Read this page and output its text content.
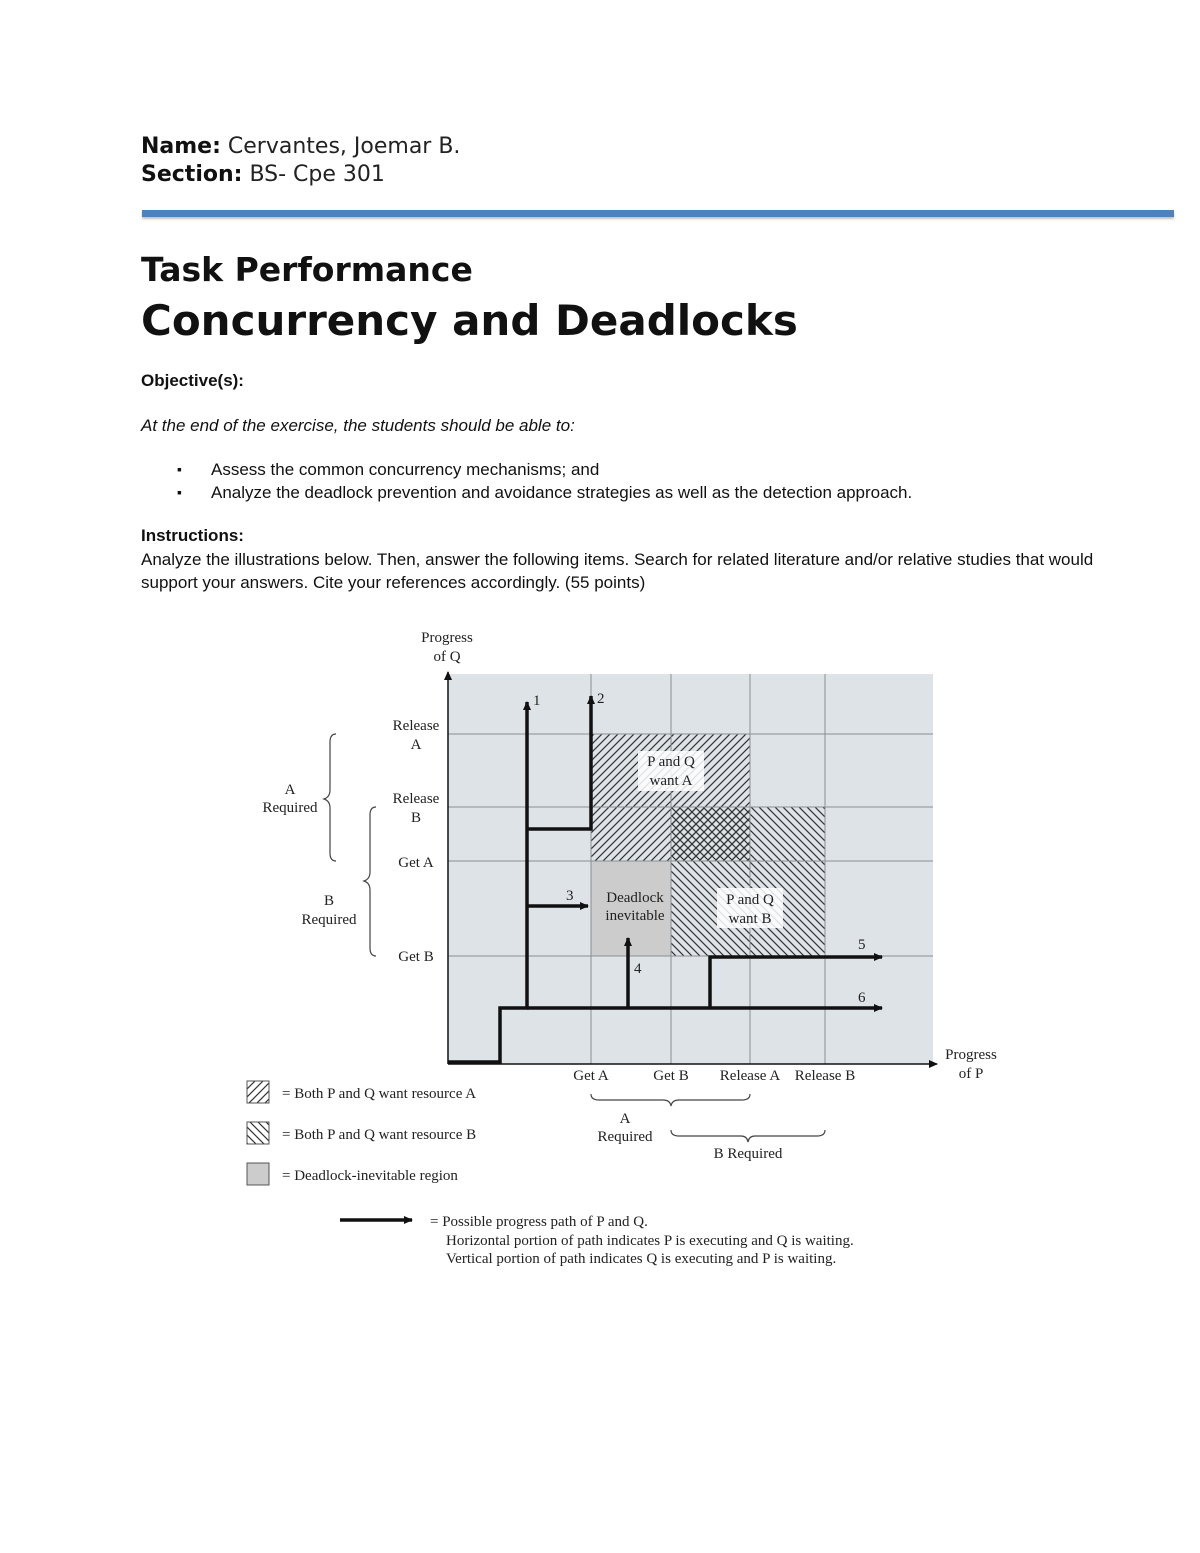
Name: Cervantes, Joemar B.
Section: BS- Cpe 301
Task Performance
Concurrency and Deadlocks
Objective(s):
At the end of the exercise, the students should be able to:
▪ Assess the common concurrency mechanisms; and
▪ Analyze the deadlock prevention and avoidance strategies as well as the detection approach.
Instructions:
Analyze the illustrations below. Then, answer the following items. Search for related literature and/or relative studies that would support your answers. Cite your references accordingly. (55 points)
1	2
3
4
5
6
P and Q
want A
Deadlock
inevitable
P and Q
want B
Progress
of Q
Release
A
Release
B
Get A
Get B
A
Required
B
Required
Get A	Get B Release A Release B
Progress
of P
A
Required
B Required
= Both P and Q want resource A
= Both P and Q want resource B
= Deadlock-inevitable region
= Possible progress path of P and Q.
Horizontal portion of path indicates P is executing and Q is waiting.
Vertical portion of path indicates Q is executing and P is waiting.
